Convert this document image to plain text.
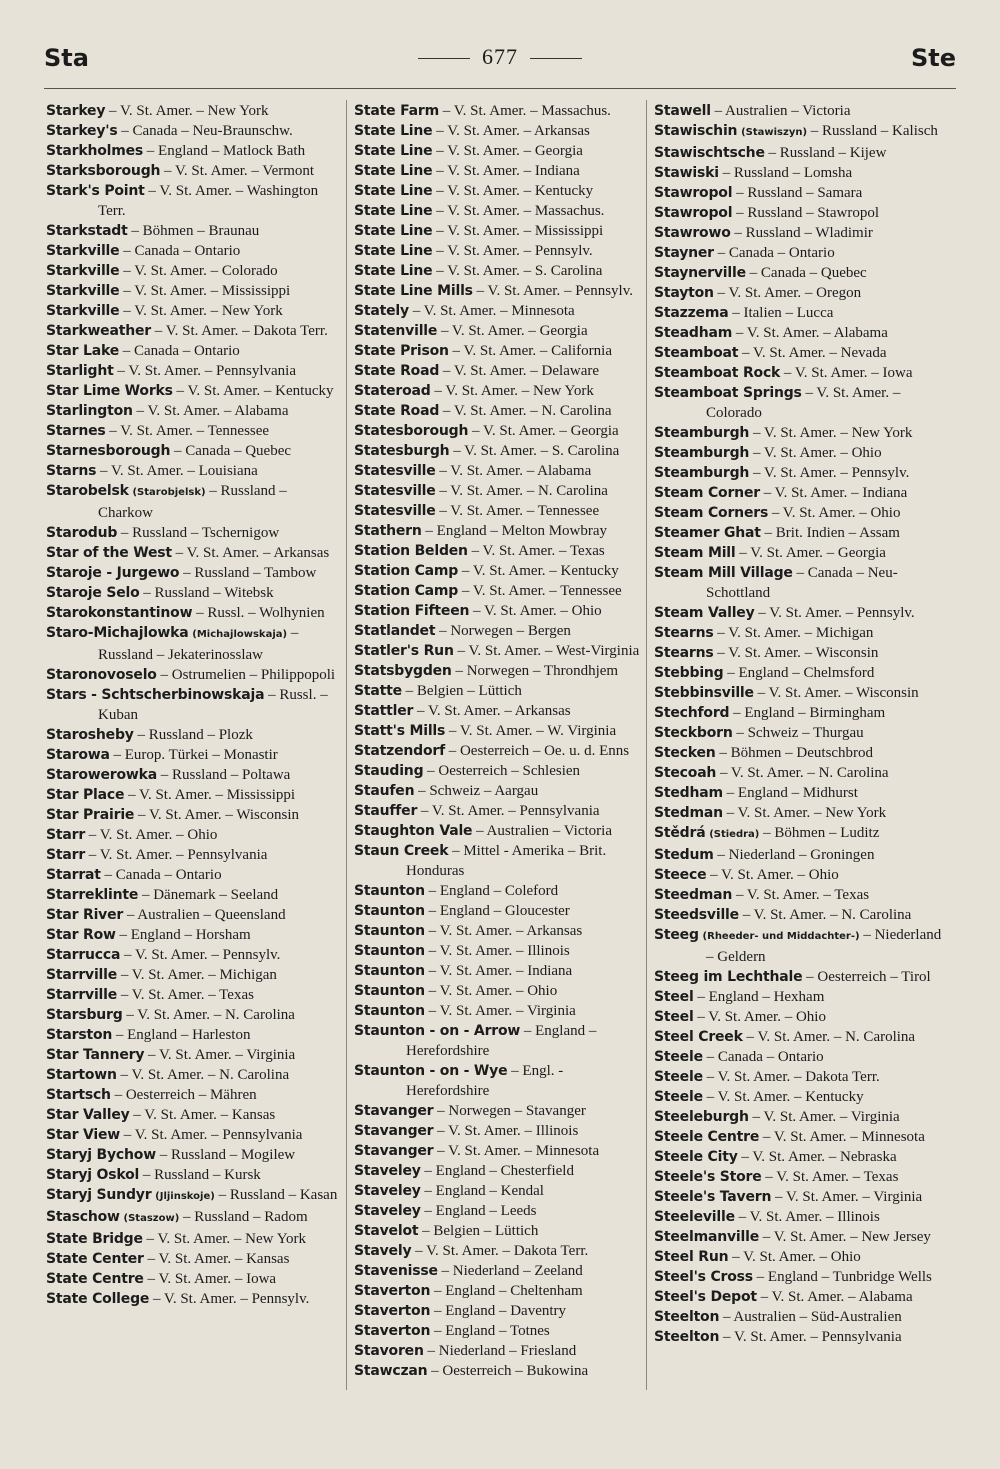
Sta	677	Ste
Starkey – V. St. Amer. – New York
Starkey's – Canada – Neu-Braunschw.
Starkholmes – England – Matlock Bath
Starksborough – V. St. Amer. – Vermont
Stark's Point – V. St. Amer. – Washington Terr.
Starkstadt – Böhmen – Braunau
Starkville – Canada – Ontario
Starkville – V. St. Amer. – Colorado
Starkville – V. St. Amer. – Mississippi
Starkville – V. St. Amer. – New York
Starkweather – V. St. Amer. – Dakota Terr.
Star Lake – Canada – Ontario
Starlight – V. St. Amer. – Pennsylvania
Star Lime Works – V. St. Amer. – Kentucky
Starlington – V. St. Amer. – Alabama
Starnes – V. St. Amer. – Tennessee
Starnesborough – Canada – Quebec
Starns – V. St. Amer. – Louisiana
Starobelsk (Starobjelsk) – Russland – Charkow
Starodub – Russland – Tschernigow
Star of the West – V. St. Amer. – Arkansas
Staroje - Jurgewo – Russland – Tambow
Staroje Selo – Russland – Witebsk
Starokonstantinow – Russl. – Wolhynien
Staro-Michajlowka (Michajlowskaja) – Russland – Jekaterinosslaw
Staronovoselo – Ostrumelien – Philippopoli
Stars - Schtscherbinowskaja – Russl. – Kuban
Starosheby – Russland – Plozk
Starowa – Europ. Türkei – Monastir
Starowerowka – Russland – Poltawa
Star Place – V. St. Amer. – Mississippi
Star Prairie – V. St. Amer. – Wisconsin
Starr – V. St. Amer. – Ohio
Starr – V. St. Amer. – Pennsylvania
Starrat – Canada – Ontario
Starreklinte – Dänemark – Seeland
Star River – Australien – Queensland
Star Row – England – Horsham
Starrucca – V. St. Amer. – Pennsylv.
Starrville – V. St. Amer. – Michigan
Starrville – V. St. Amer. – Texas
Starsburg – V. St. Amer. – N. Carolina
Starston – England – Harleston
Star Tannery – V. St. Amer. – Virginia
Startown – V. St. Amer. – N. Carolina
Startsch – Oesterreich – Mähren
Star Valley – V. St. Amer. – Kansas
Star View – V. St. Amer. – Pennsylvania
Staryj Bychow – Russland – Mogilew
Staryj Oskol – Russland – Kursk
Staryj Sundyr (Jljinskoje) – Russland – Kasan
Staschow (Staszow) – Russland – Radom
State Bridge – V. St. Amer. – New York
State Center – V. St. Amer. – Kansas
State Centre – V. St. Amer. – Iowa
State College – V. St. Amer. – Pennsylv.
State Farm – V. St. Amer. – Massachus.
State Line – V. St. Amer. – Arkansas
State Line – V. St. Amer. – Georgia
State Line – V. St. Amer. – Indiana
State Line – V. St. Amer. – Kentucky
State Line – V. St. Amer. – Massachus.
State Line – V. St. Amer. – Mississippi
State Line – V. St. Amer. – Pennsylv.
State Line – V. St. Amer. – S. Carolina
State Line Mills – V. St. Amer. – Pennsylv.
Stately – V. St. Amer. – Minnesota
Statenville – V. St. Amer. – Georgia
State Prison – V. St. Amer. – California
State Road – V. St. Amer. – Delaware
Stateroad – V. St. Amer. – New York
State Road – V. St. Amer. – N. Carolina
Statesborough – V. St. Amer. – Georgia
Statesburgh – V. St. Amer. – S. Carolina
Statesville – V. St. Amer. – Alabama
Statesville – V. St. Amer. – N. Carolina
Statesville – V. St. Amer. – Tennessee
Stathern – England – Melton Mowbray
Station Belden – V. St. Amer. – Texas
Station Camp – V. St. Amer. – Kentucky
Station Camp – V. St. Amer. – Tennessee
Station Fifteen – V. St. Amer. – Ohio
Statlandet – Norwegen – Bergen
Statler's Run – V. St. Amer. – West-Virginia
Statsbygden – Norwegen – Throndhjem
Statte – Belgien – Lüttich
Stattler – V. St. Amer. – Arkansas
Statt's Mills – V. St. Amer. – W. Virginia
Statzendorf – Oesterreich – Oe. u. d. Enns
Stauding – Oesterreich – Schlesien
Staufen – Schweiz – Aargau
Stauffer – V. St. Amer. – Pennsylvania
Staughton Vale – Australien – Victoria
Staun Creek – Mittel - Amerika – Brit. Honduras
Staunton – England – Coleford
Staunton – England – Gloucester
Staunton – V. St. Amer. – Arkansas
Staunton – V. St. Amer. – Illinois
Staunton – V. St. Amer. – Indiana
Staunton – V. St. Amer. – Ohio
Staunton – V. St. Amer. – Virginia
Staunton - on - Arrow – England – Herefordshire
Staunton - on - Wye – Engl. - Herefordshire
Stavanger – Norwegen – Stavanger
Stavanger – V. St. Amer. – Illinois
Stavanger – V. St. Amer. – Minnesota
Staveley – England – Chesterfield
Staveley – England – Kendal
Staveley – England – Leeds
Stavelot – Belgien – Lüttich
Stavely – V. St. Amer. – Dakota Terr.
Stavenisse – Niederland – Zeeland
Staverton – England – Cheltenham
Staverton – England – Daventry
Staverton – England – Totnes
Stavoren – Niederland – Friesland
Stawczan – Oesterreich – Bukowina
Stawell – Australien – Victoria
Stawischin (Stawiszyn) – Russland – Kalisch
Stawischtsche – Russland – Kijew
Stawiski – Russland – Lomsha
Stawropol – Russland – Samara
Stawropol – Russland – Stawropol
Stawrowo – Russland – Wladimir
Stayner – Canada – Ontario
Staynerville – Canada – Quebec
Stayton – V. St. Amer. – Oregon
Stazzema – Italien – Lucca
Steadham – V. St. Amer. – Alabama
Steamboat – V. St. Amer. – Nevada
Steamboat Rock – V. St. Amer. – Iowa
Steamboat Springs – V. St. Amer. – Colorado
Steamburgh – V. St. Amer. – New York
Steamburgh – V. St. Amer. – Ohio
Steamburgh – V. St. Amer. – Pennsylv.
Steam Corner – V. St. Amer. – Indiana
Steam Corners – V. St. Amer. – Ohio
Steamer Ghat – Brit. Indien – Assam
Steam Mill – V. St. Amer. – Georgia
Steam Mill Village – Canada – Neu-Schottland
Steam Valley – V. St. Amer. – Pennsylv.
Stearns – V. St. Amer. – Michigan
Stearns – V. St. Amer. – Wisconsin
Stebbing – England – Chelmsford
Stebbinsville – V. St. Amer. – Wisconsin
Stechford – England – Birmingham
Steckborn – Schweiz – Thurgau
Stecken – Böhmen – Deutschbrod
Stecoah – V. St. Amer. – N. Carolina
Stedham – England – Midhurst
Stedman – V. St. Amer. – New York
Stědrá (Stiedra) – Böhmen – Luditz
Stedum – Niederland – Groningen
Steece – V. St. Amer. – Ohio
Steedman – V. St. Amer. – Texas
Steedsville – V. St. Amer. – N. Carolina
Steeg (Rheeder- und Middachter-) – Niederland – Geldern
Steeg im Lechthale – Oesterreich – Tirol
Steel – England – Hexham
Steel – V. St. Amer. – Ohio
Steel Creek – V. St. Amer. – N. Carolina
Steele – Canada – Ontario
Steele – V. St. Amer. – Dakota Terr.
Steele – V. St. Amer. – Kentucky
Steeleburgh – V. St. Amer. – Virginia
Steele Centre – V. St. Amer. – Minnesota
Steele City – V. St. Amer. – Nebraska
Steele's Store – V. St. Amer. – Texas
Steele's Tavern – V. St. Amer. – Virginia
Steeleville – V. St. Amer. – Illinois
Steelmanville – V. St. Amer. – New Jersey
Steel Run – V. St. Amer. – Ohio
Steel's Cross – England – Tunbridge Wells
Steel's Depot – V. St. Amer. – Alabama
Steelton – Australien – Süd-Australien
Steelton – V. St. Amer. – Pennsylvania
